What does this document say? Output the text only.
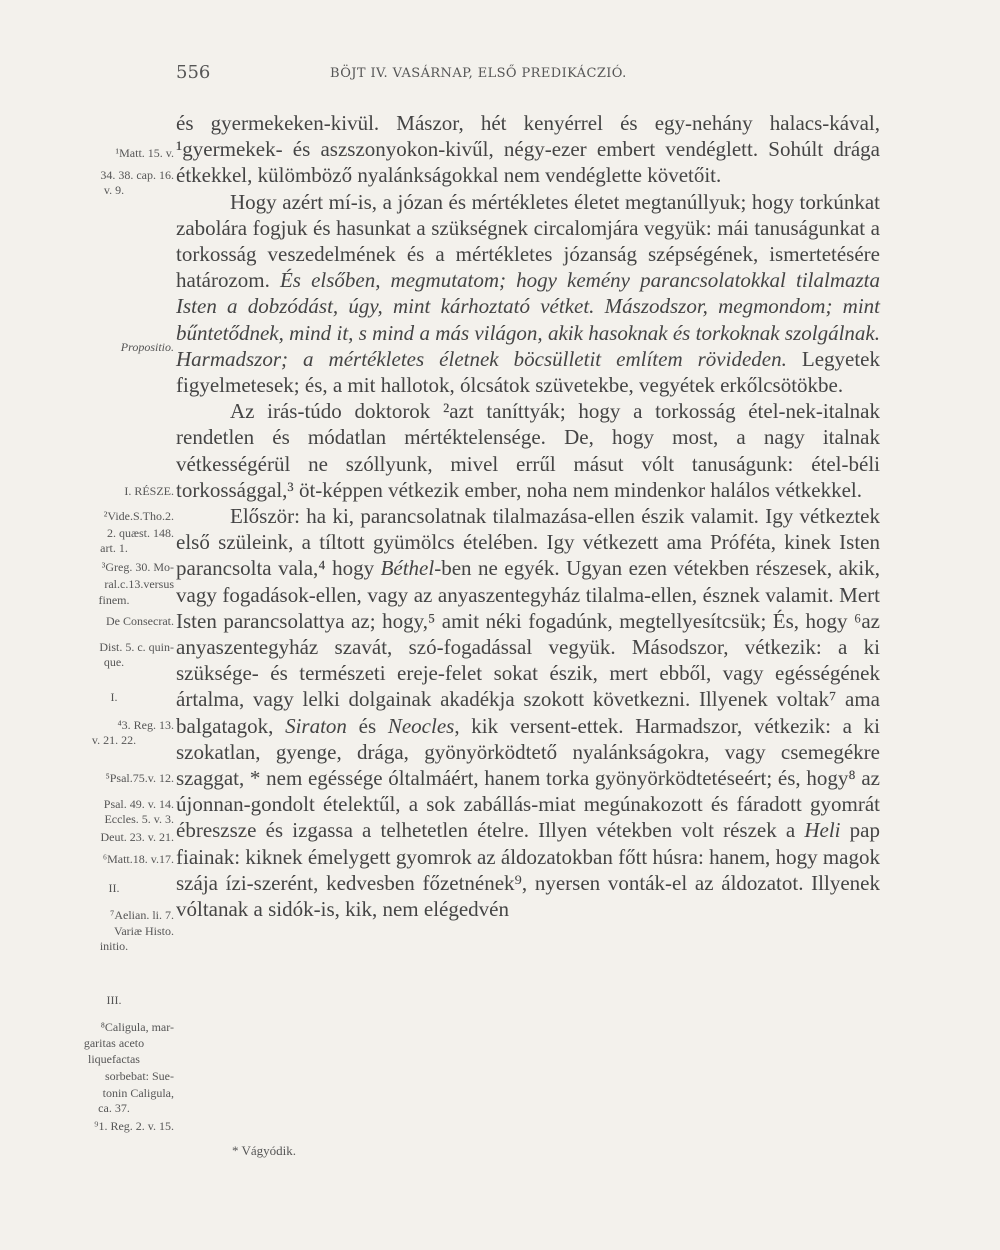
556	BÖJT IV. VASÁRNAP, ELSŐ PREDIKÁCZIÓ.
¹Matt. 15. v.
34. 38. cap. 16.
v. 9.
Propositio.
I. RÉSZE.
²Vide.S.Tho.2.
2. quæst. 148.
art. 1.
³Greg. 30. Mo-
ral.c.13.versus
finem.
De Consecrat.
Dist. 5. c. quin-
que.
I.
⁴3. Reg. 13.
v. 21. 22.
⁵Psal.75.v. 12.
Psal. 49. v. 14.
Eccles. 5. v. 3.
Deut. 23. v. 21.
⁶Matt.18. v.17.
II.
⁷Aelian. li. 7.
Variæ Histo.
initio.
III.
⁸Caligula, mar-
garitas aceto
liquefactas
sorbebat: Sue-
tonin Caligula,
ca. 37.
⁹1. Reg. 2. v. 15.

és gyermekeken-kivül. Mászor, hét kenyérrel és egy-nehány halacs-kával, ¹gyermekek- és aszszonyokon-kivűl, négy-ezer embert vendéglett. Sohúlt drága étkekkel, külömböző nyalánkságokkal nem vendéglette követőit.

Hogy azért mí-is, a józan és mértékletes életet megtanúllyuk; hogy torkúnkat zabolára fogjuk és hasunkat a szükségnek circalomjára vegyük: mái tanuságunkat a torkosság veszedelmének és a mértékletes józanság szépségének, ismertetésére határozom. És elsőben, megmutatom; hogy kemény parancsolatokkal tilalmazta Isten a dobzódást, úgy, mint kárhoztató vétket. Mászodszor, megmondom; mint bűntetődnek, mind it, s mind a más világon, akik hasoknak és torkoknak szolgálnak. Harmadszor; a mértékletes életnek böcsülletit említem rövideden. Legyetek figyelmetesek; és, a mit hallotok, ólcsátok szüvetekbe, vegyétek erkőlcsötökbe.

Az irás-túdo doktorok ²azt taníttyák; hogy a torkosság étel-nek-italnak rendetlen és módatlan mértéktelensége. De, hogy most, a nagy italnak vétkességérül ne szóllyunk, mivel errűl másut vólt tanuságunk: étel-béli torkossággal,³ öt-képpen vétkezik ember, noha nem mindenkor halálos vétkekkel.

Először: ha ki, parancsolatnak tilalmazása-ellen észik valamit. Igy vétkeztek első szüleink, a tíltott gyümölcs ételében. Igy vétkezett ama Próféta, kinek Isten parancsolta vala,⁴ hogy Béthel-ben ne egyék. Ugyan ezen vétekben részesek, akik, vagy fogadások-ellen, vagy az anyaszentegyház tilalma-ellen, észnek valamit. Mert Isten parancsolattya az; hogy,⁵ amit néki fogadúnk, megtellyesítcsük; És, hogy ⁶az anyaszentegyház szavát, szó-fogadással vegyük. Másodszor, vétkezik: a ki szüksége- és természeti ereje-felet sokat észik, mert ebből, vagy egésségének ártalma, vagy lelki dolgainak akadékja szokott következni. Illyenek voltak⁷ ama balgatagok, Siraton és Neocles, kik versent-ettek. Harmadszor, vétkezik: a ki szokatlan, gyenge, drága, gyönyörködtető nyalánkságokra, vagy csemegékre szaggat, * nem egéssége óltalmáért, hanem torka gyönyörködtetéseért; és, hogy⁸ az újonnan-gondolt ételektűl, a sok zabállás-miat megúnakozott és fáradott gyomrát ébreszsze és izgassa a telhetetlen ételre. Illyen vétekben volt részek a Heli pap fiainak: kiknek émelygett gyomrok az áldozatokban főtt húsra: hanem, hogy magok szája ízi-szerént, kedvesben főzetnének⁹, nyersen vonták-el az áldozatot. Illyenek vóltanak a sidók-is, kik, nem elégedvén

* Vágyódik.
